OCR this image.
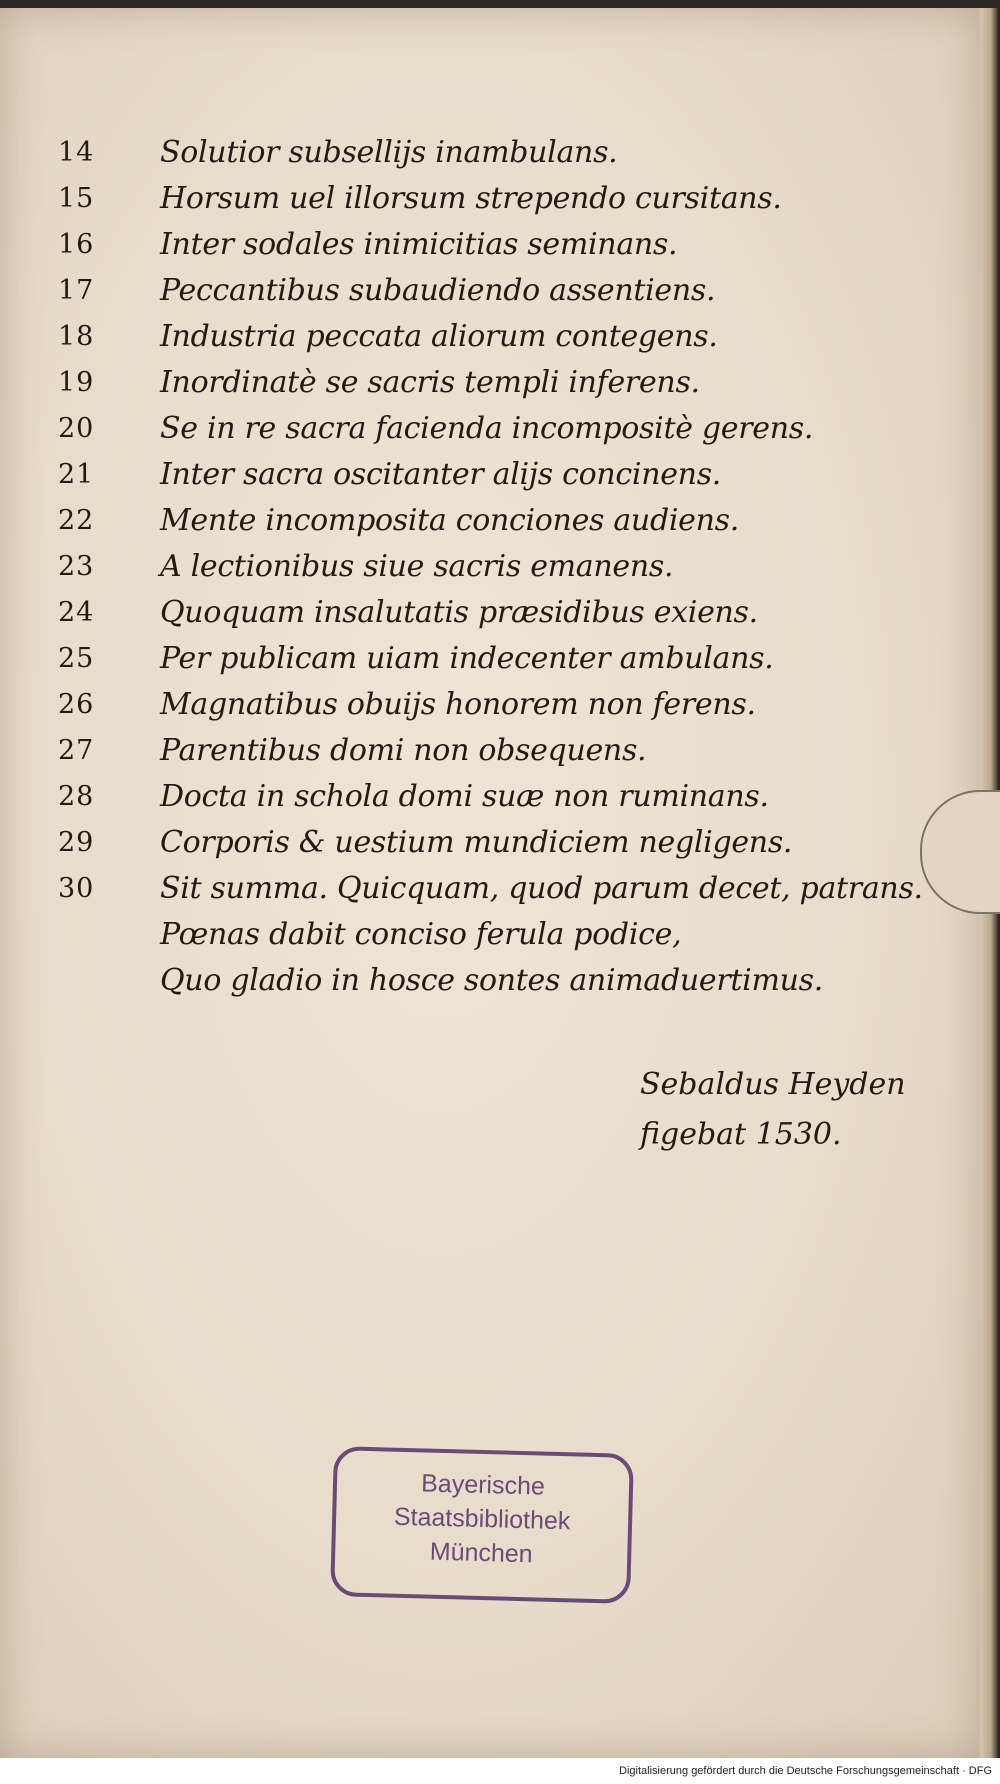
14	Solutior subsellijs inambulans.
15	Horsum uel illorsum strependo cursitans.
16	Inter sodales inimicitias seminans.
17	Peccantibus subaudiendo assentiens.
18	Industria peccata aliorum contegens.
19	Inordinatè se sacris templi inferens.
20	Se in re sacra facienda incompositè gerens.
21	Inter sacra oscitanter alijs concinens.
22	Mente incomposita conciones audiens.
23	A lectionibus siue sacris emanens.
24	Quoquam insalutatis præsidibus exiens.
25	Per publicam uiam indecenter ambulans.
26	Magnatibus obuijs honorem non ferens.
27	Parentibus domi non obsequens.
28	Docta in schola domi suæ non ruminans.
29	Corporis & uestium mundiciem negligens.
30	Sit summa. Quicquam, quod parum decet, patrans.
Pœnas dabit conciso ferula podice,
Quo gladio in hosce sontes animaduertimus.
Sebaldus Heyden
figebat 1530.
Bayerische
Staatsbibliothek
München
Digitalisierung gefördert durch die Deutsche Forschungsgemeinschaft · DFG
